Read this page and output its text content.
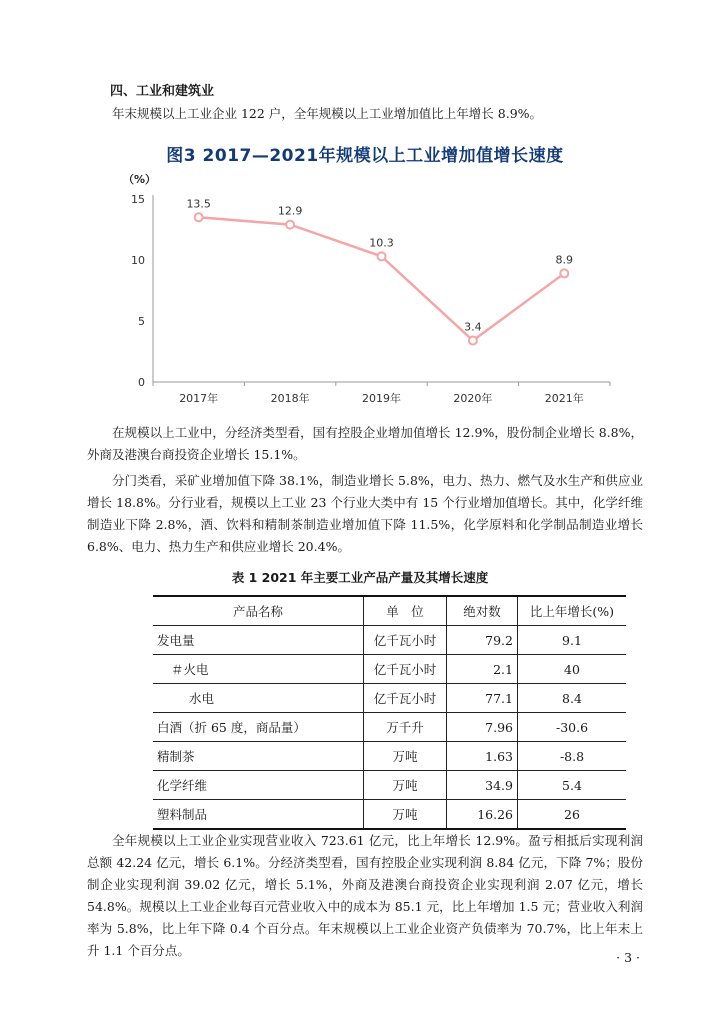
四、工业和建筑业

年末规模以上工业企业 122 户，全年规模以上工业增加值比上年增长 8.9%。

图3 2017—2021年规模以上工业增加值增长速度
（%）
0
5
10
15
2017年	2018年	2019年	2020年	2021年
13.5
12.9
10.3
3.4
8.9

在规模以上工业中，分经济类型看，国有控股企业增加值增长 12.9%，股份制企业增长 8.8%，外商及港澳台商投资企业增长 15.1%。

分门类看，采矿业增加值下降 38.1%，制造业增长 5.8%，电力、热力、燃气及水生产和供应业增长 18.8%。分行业看，规模以上工业 23 个行业大类中有 15 个行业增加值增长。其中，化学纤维制造业下降 2.8%，酒、饮料和精制茶制造业增加值下降 11.5%，化学原料和化学制品制造业增长 6.8%、电力、热力生产和供应业增长 20.4%。

表 1 2021 年主要工业产品产量及其增长速度
产品名称	单　位	绝对数	比上年增长(%)
发电量	亿千瓦小时	79.2	9.1
＃火电	亿千瓦小时	2.1	40
水电	亿千瓦小时	77.1	8.4
白酒（折 65 度，商品量）	万千升	7.96	-30.6
精制茶	万吨	1.63	-8.8
化学纤维	万吨	34.9	5.4
塑料制品	万吨	16.26	26

全年规模以上工业企业实现营业收入 723.61 亿元，比上年增长 12.9%。盈亏相抵后实现利润总额 42.24 亿元，增长 6.1%。分经济类型看，国有控股企业实现利润 8.84 亿元，下降 7%；股份制企业实现利润 39.02 亿元，增长 5.1%，外商及港澳台商投资企业实现利润 2.07 亿元，增长 54.8%。规模以上工业企业每百元营业收入中的成本为 85.1 元，比上年增加 1.5 元；营业收入利润率为 5.8%，比上年下降 0.4 个百分点。年末规模以上工业企业资产负债率为 70.7%，比上年末上升 1.1 个百分点。	· 3 ·
